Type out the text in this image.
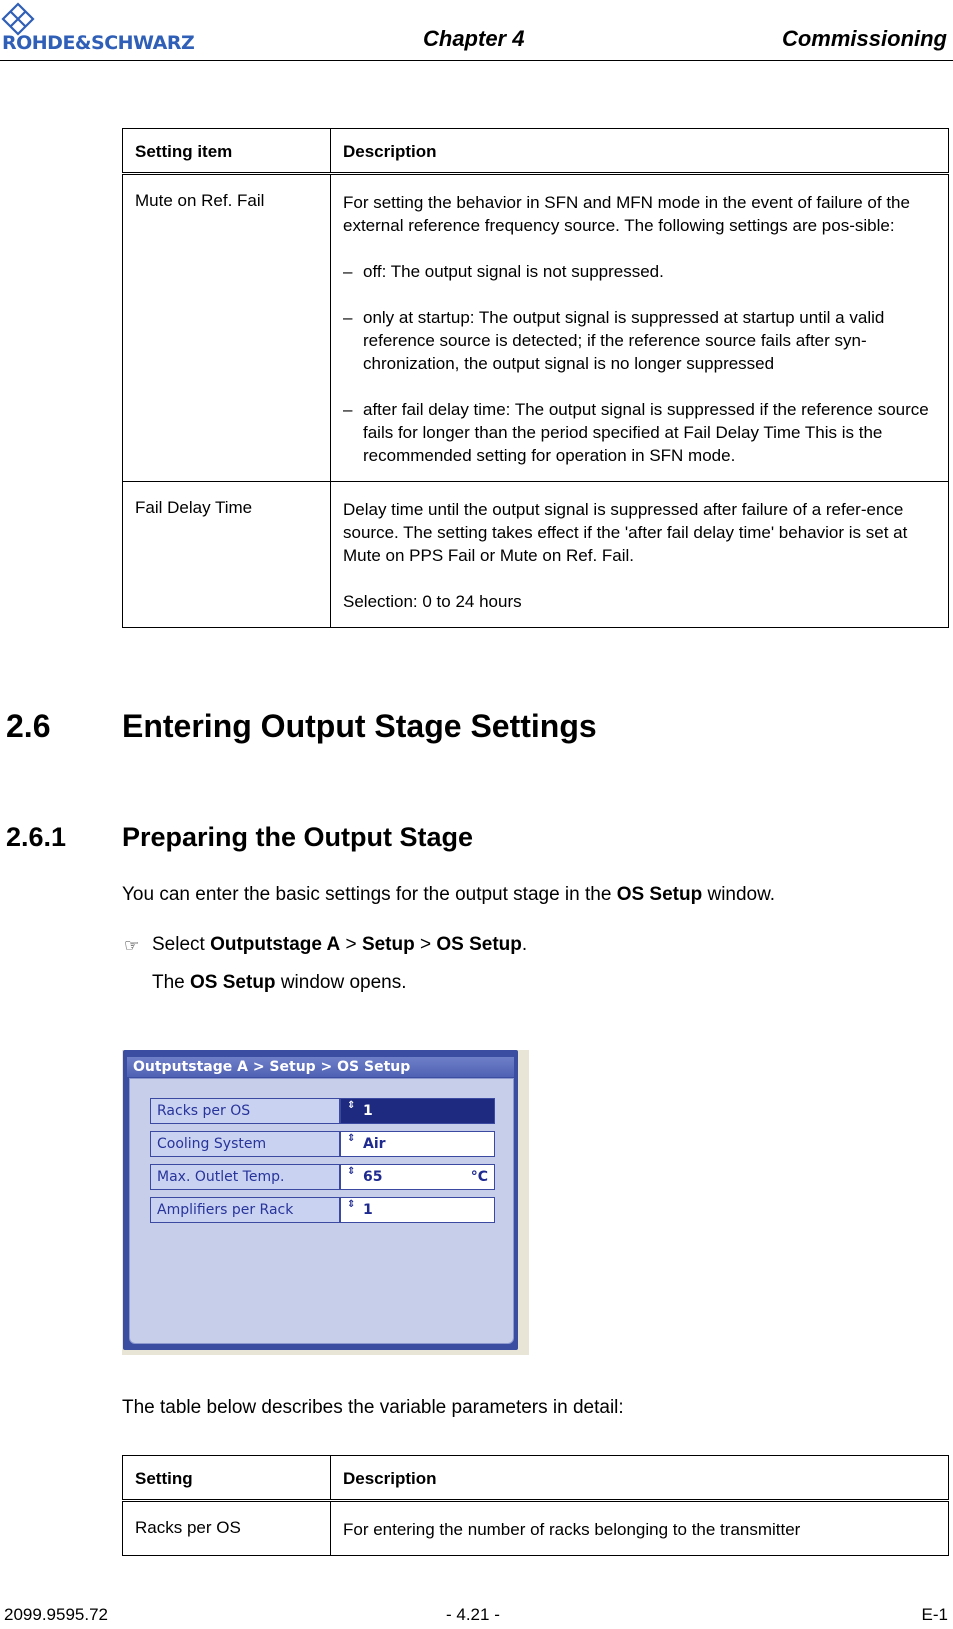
ROHDE&SCHWARZ	Chapter 4	Commissioning
Setting item	Description
Mute on Ref. Fail	For setting the behavior in SFN and MFN mode in the event of failure of the external reference frequency source. The following settings are pos-sible:
– off: The output signal is not suppressed.
– only at startup: The output signal is suppressed at startup until a valid reference source is detected; if the reference source fails after syn-chronization, the output signal is no longer suppressed
– after fail delay time: The output signal is suppressed if the reference source fails for longer than the period specified at Fail Delay Time This is the recommended setting for operation in SFN mode.

Fail Delay Time	Delay time until the output signal is suppressed after failure of a refer-ence source. The setting takes effect if the 'after fail delay time' behavior is set at Mute on PPS Fail or Mute on Ref. Fail.
Selection: 0 to 24 hours
2.6 Entering Output Stage Settings
2.6.1 Preparing the Output Stage
You can enter the basic settings for the output stage in the OS Setup window.
☞ Select Outputstage A > Setup > OS Setup.
The OS Setup window opens.
Outputstage A > Setup > OS Setup
Racks per OS	⇕ 1
Cooling System	⇕ Air
Max. Outlet Temp.	⇕ 65	°C
Amplifiers per Rack	⇕ 1
The table below describes the variable parameters in detail:
Setting	Description
Racks per OS	For entering the number of racks belonging to the transmitter
2099.9595.72	- 4.21 -	E-1
